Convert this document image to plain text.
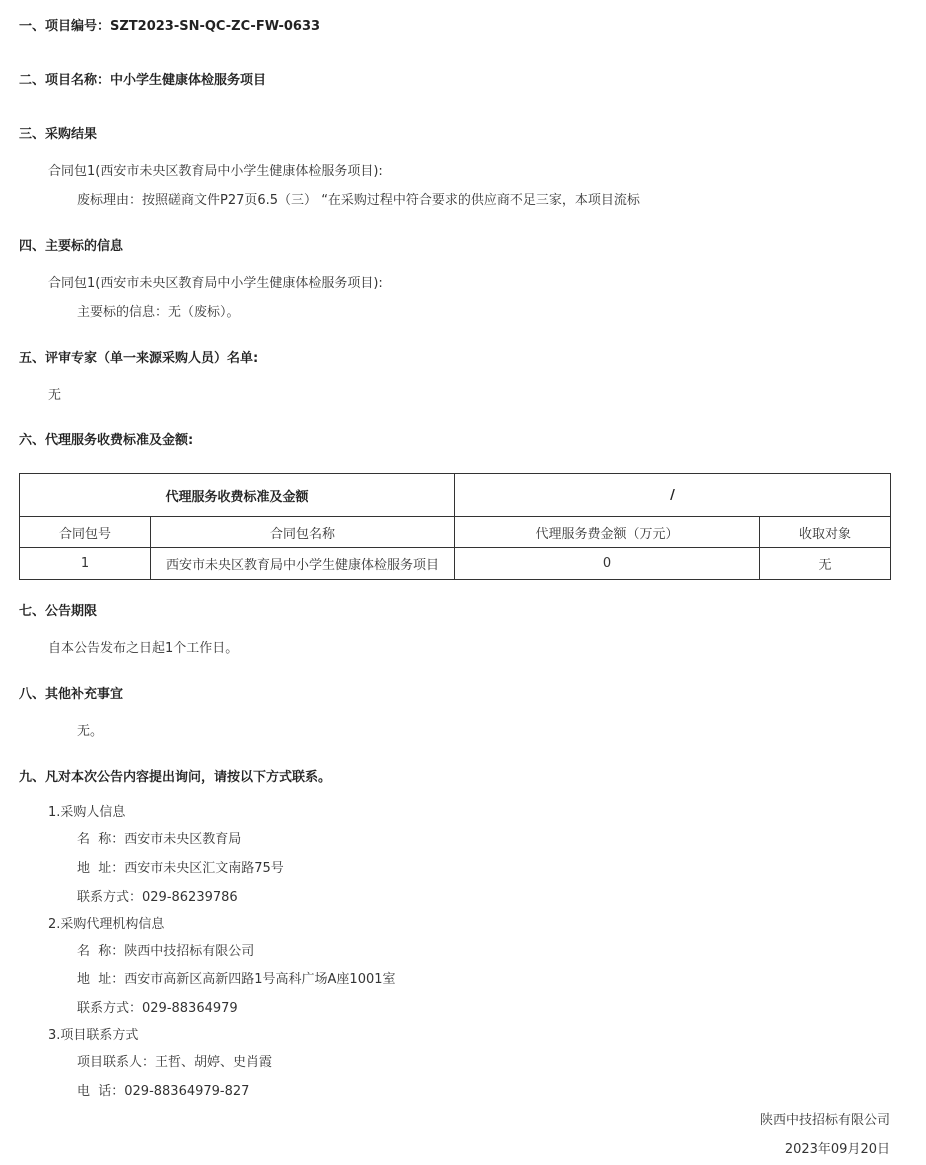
一、项目编号：SZT2023-SN-QC-ZC-FW-0633
二、项目名称：中小学生健康体检服务项目
三、采购结果
合同包1(西安市未央区教育局中小学生健康体检服务项目):
废标理由：按照磋商文件P27页6.5（三） “在采购过程中符合要求的供应商不足三家，本项目流标
四、主要标的信息
合同包1(西安市未央区教育局中小学生健康体检服务项目):
主要标的信息：无（废标）。
五、评审专家（单一来源采购人员）名单:
无
六、代理服务收费标准及金额:
代理服务收费标准及金额		/	
合同包号	合同包名称	代理服务费金额（万元）	收取对象
1	西安市未央区教育局中小学生健康体检服务项目	0	无
七、公告期限
自本公告发布之日起1个工作日。
八、其他补充事宜
无。
九、凡对本次公告内容提出询问，请按以下方式联系。
1.采购人信息
名  称：西安市未央区教育局
地  址：西安市未央区汇文南路75号
联系方式：029-86239786
2.采购代理机构信息
名  称：陕西中技招标有限公司
地  址：西安市高新区高新四路1号高科广场A座1001室
联系方式：029-88364979
3.项目联系方式
项目联系人：王哲、胡婷、史肖霞
电  话：029-88364979-827
陕西中技招标有限公司
2023年09月20日
